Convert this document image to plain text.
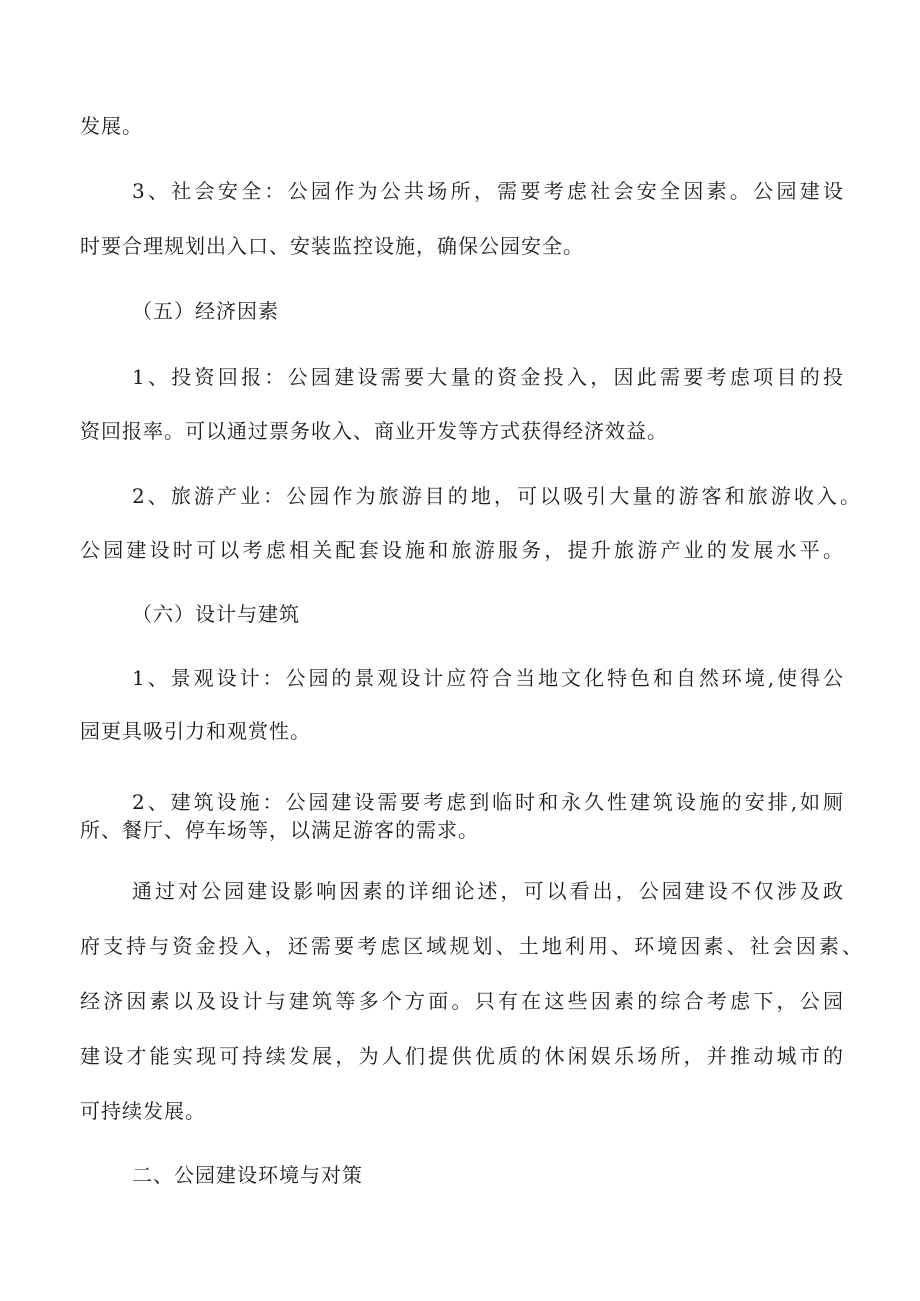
发展。
3、社会安全：公园作为公共场所，需要考虑社会安全因素。公园建设
时要合理规划出入口、安装监控设施，确保公园安全。
（五）经济因素
1、投资回报：公园建设需要大量的资金投入，因此需要考虑项目的投
资回报率。可以通过票务收入、商业开发等方式获得经济效益。
2、旅游产业：公园作为旅游目的地，可以吸引大量的游客和旅游收入。
公园建设时可以考虑相关配套设施和旅游服务，提升旅游产业的发展水平。
（六）设计与建筑
1、景观设计：公园的景观设计应符合当地文化特色和自然环境,使得公
园更具吸引力和观赏性。
2、建筑设施：公园建设需要考虑到临时和永久性建筑设施的安排,如厕
所、餐厅、停车场等，以满足游客的需求。
通过对公园建设影响因素的详细论述，可以看出，公园建设不仅涉及政
府支持与资金投入，还需要考虑区域规划、土地利用、环境因素、社会因素、
经济因素以及设计与建筑等多个方面。只有在这些因素的综合考虑下，公园
建设才能实现可持续发展，为人们提供优质的休闲娱乐场所，并推动城市的
可持续发展。
二、公园建设环境与对策
